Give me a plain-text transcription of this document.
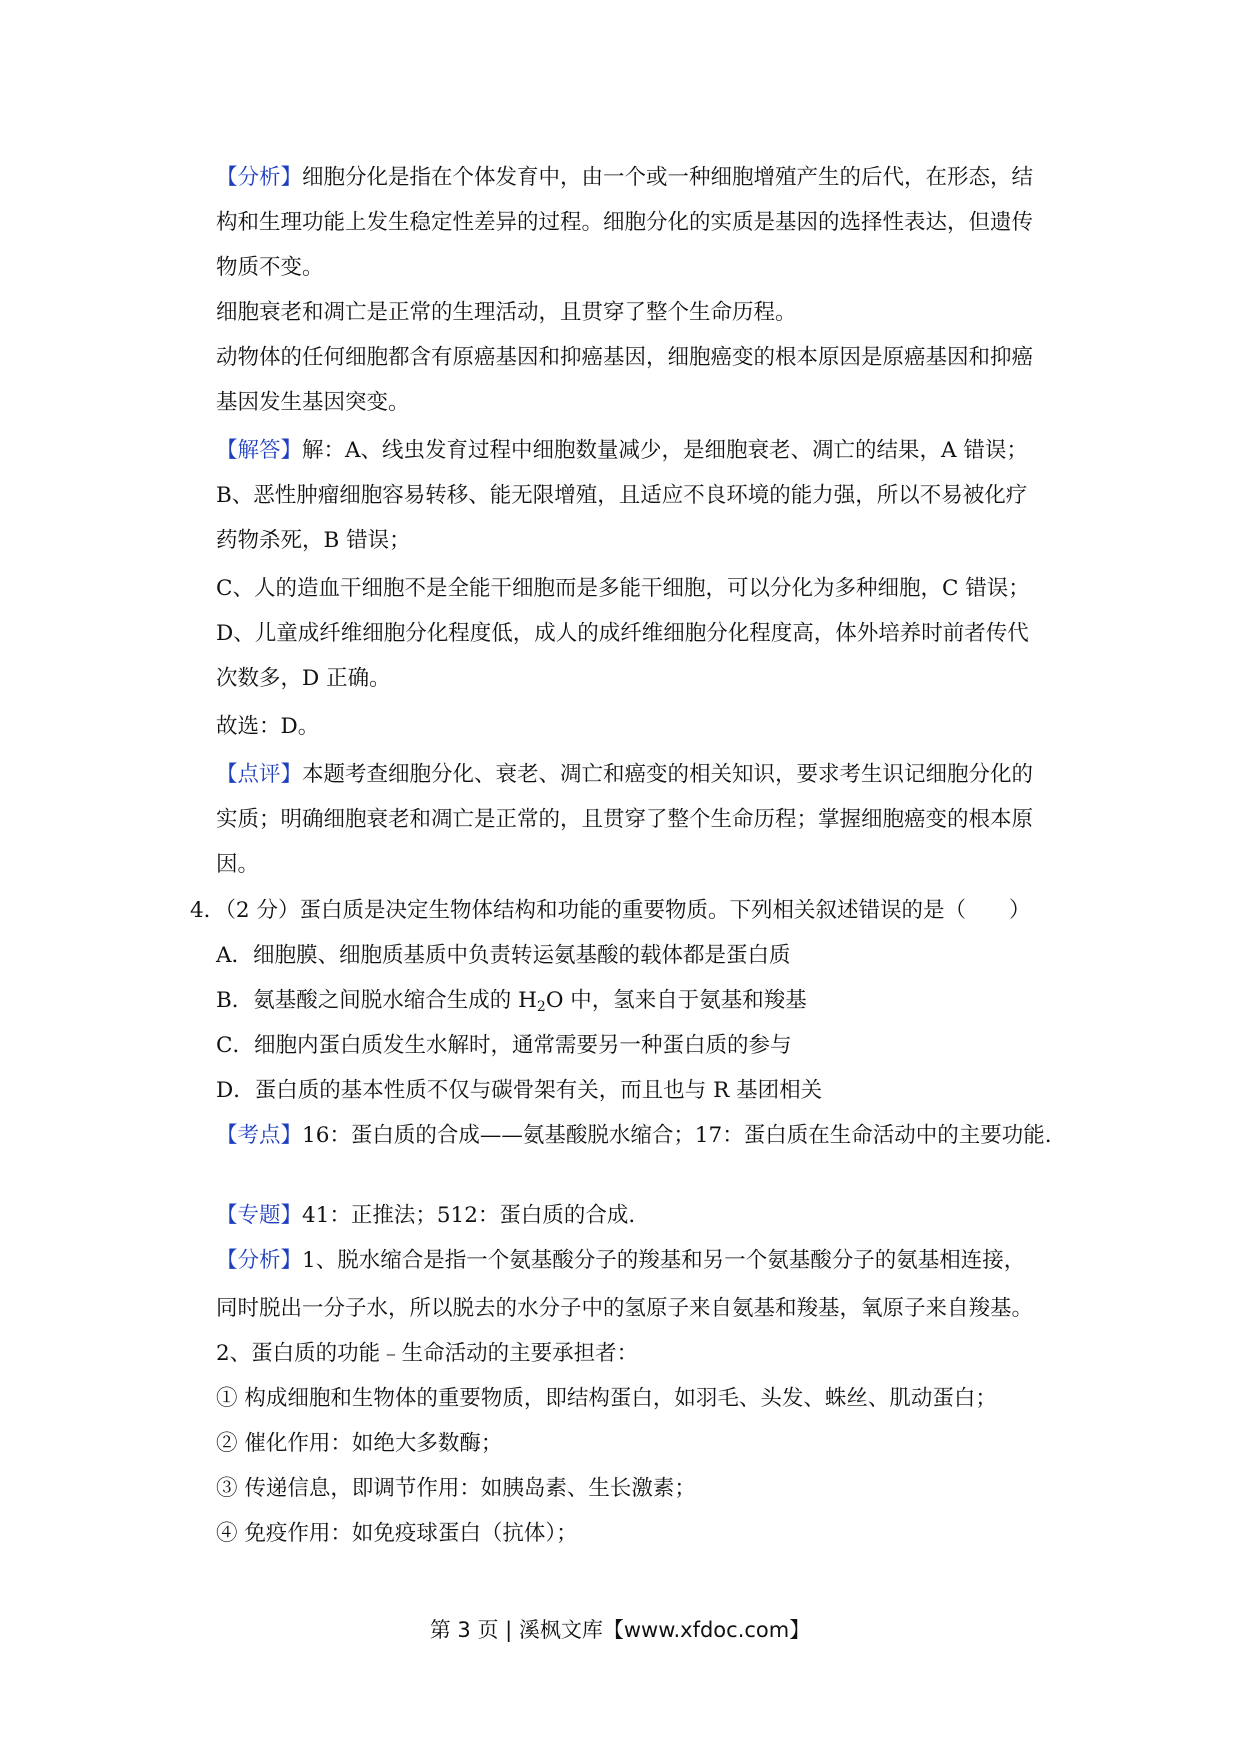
【分析】细胞分化是指在个体发育中，由一个或一种细胞增殖产生的后代，在形态，结
构和生理功能上发生稳定性差异的过程。细胞分化的实质是基因的选择性表达，但遗传
物质不变。
细胞衰老和凋亡是正常的生理活动，且贯穿了整个生命历程。
动物体的任何细胞都含有原癌基因和抑癌基因，细胞癌变的根本原因是原癌基因和抑癌
基因发生基因突变。
【解答】解：A、线虫发育过程中细胞数量减少，是细胞衰老、凋亡的结果，A 错误；
B、恶性肿瘤细胞容易转移、能无限增殖，且适应不良环境的能力强，所以不易被化疗
药物杀死，B 错误；
C、人的造血干细胞不是全能干细胞而是多能干细胞，可以分化为多种细胞，C 错误；
D、儿童成纤维细胞分化程度低，成人的成纤维细胞分化程度高，体外培养时前者传代
次数多，D 正确。
故选：D。
【点评】本题考查细胞分化、衰老、凋亡和癌变的相关知识，要求考生识记细胞分化的
实质；明确细胞衰老和凋亡是正常的，且贯穿了整个生命历程；掌握细胞癌变的根本原
因。
4．（2 分）蛋白质是决定生物体结构和功能的重要物质。下列相关叙述错误的是（　　）
A．细胞膜、细胞质基质中负责转运氨基酸的载体都是蛋白质
B．氨基酸之间脱水缩合生成的 $H_2O$ 中，氢来自于氨基和羧基
C．细胞内蛋白质发生水解时，通常需要另一种蛋白质的参与
D．蛋白质的基本性质不仅与碳骨架有关，而且也与 R 基团相关
【考点】16：蛋白质的合成——氨基酸脱水缩合；17：蛋白质在生命活动中的主要功能.
【专题】41：正推法；512：蛋白质的合成.
【分析】1、脱水缩合是指一个氨基酸分子的羧基和另一个氨基酸分子的氨基相连接，
同时脱出一分子水，所以脱去的水分子中的氢原子来自氨基和羧基，氧原子来自羧基。
2、蛋白质的功能﹣生命活动的主要承担者：
① 构成细胞和生物体的重要物质，即结构蛋白，如羽毛、头发、蛛丝、肌动蛋白；
② 催化作用：如绝大多数酶；
③ 传递信息，即调节作用：如胰岛素、生长激素；
④ 免疫作用：如免疫球蛋白（抗体）；
第 3 页 | 溪枫文库【www.xfdoc.com】
